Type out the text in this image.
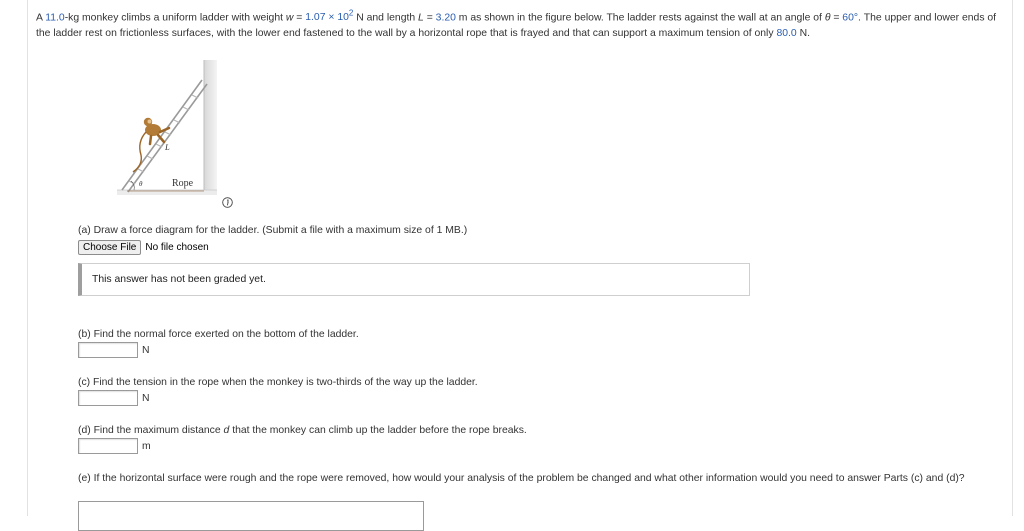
A 11.0-kg monkey climbs a uniform ladder with weight $w = 1.07 \times 10^2$ N and length L = 3.20 m as shown in the figure below. The ladder rests against the wall at an angle of θ = 60°. The upper and lower ends of the ladder rest on frictionless surfaces, with the lower end fastened to the wall by a horizontal rope that is frayed and that can support a maximum tension of only 80.0 N.
L
θ	Rope
(a) Draw a force diagram for the ladder. (Submit a file with a maximum size of 1 MB.)
Choose File No file chosen
This answer has not been graded yet.
(b) Find the normal force exerted on the bottom of the ladder.
N
(c) Find the tension in the rope when the monkey is two-thirds of the way up the ladder.
N
(d) Find the maximum distance d that the monkey can climb up the ladder before the rope breaks.
m
(e) If the horizontal surface were rough and the rope were removed, how would your analysis of the problem be changed and what other information would you need to answer Parts (c) and (d)?
